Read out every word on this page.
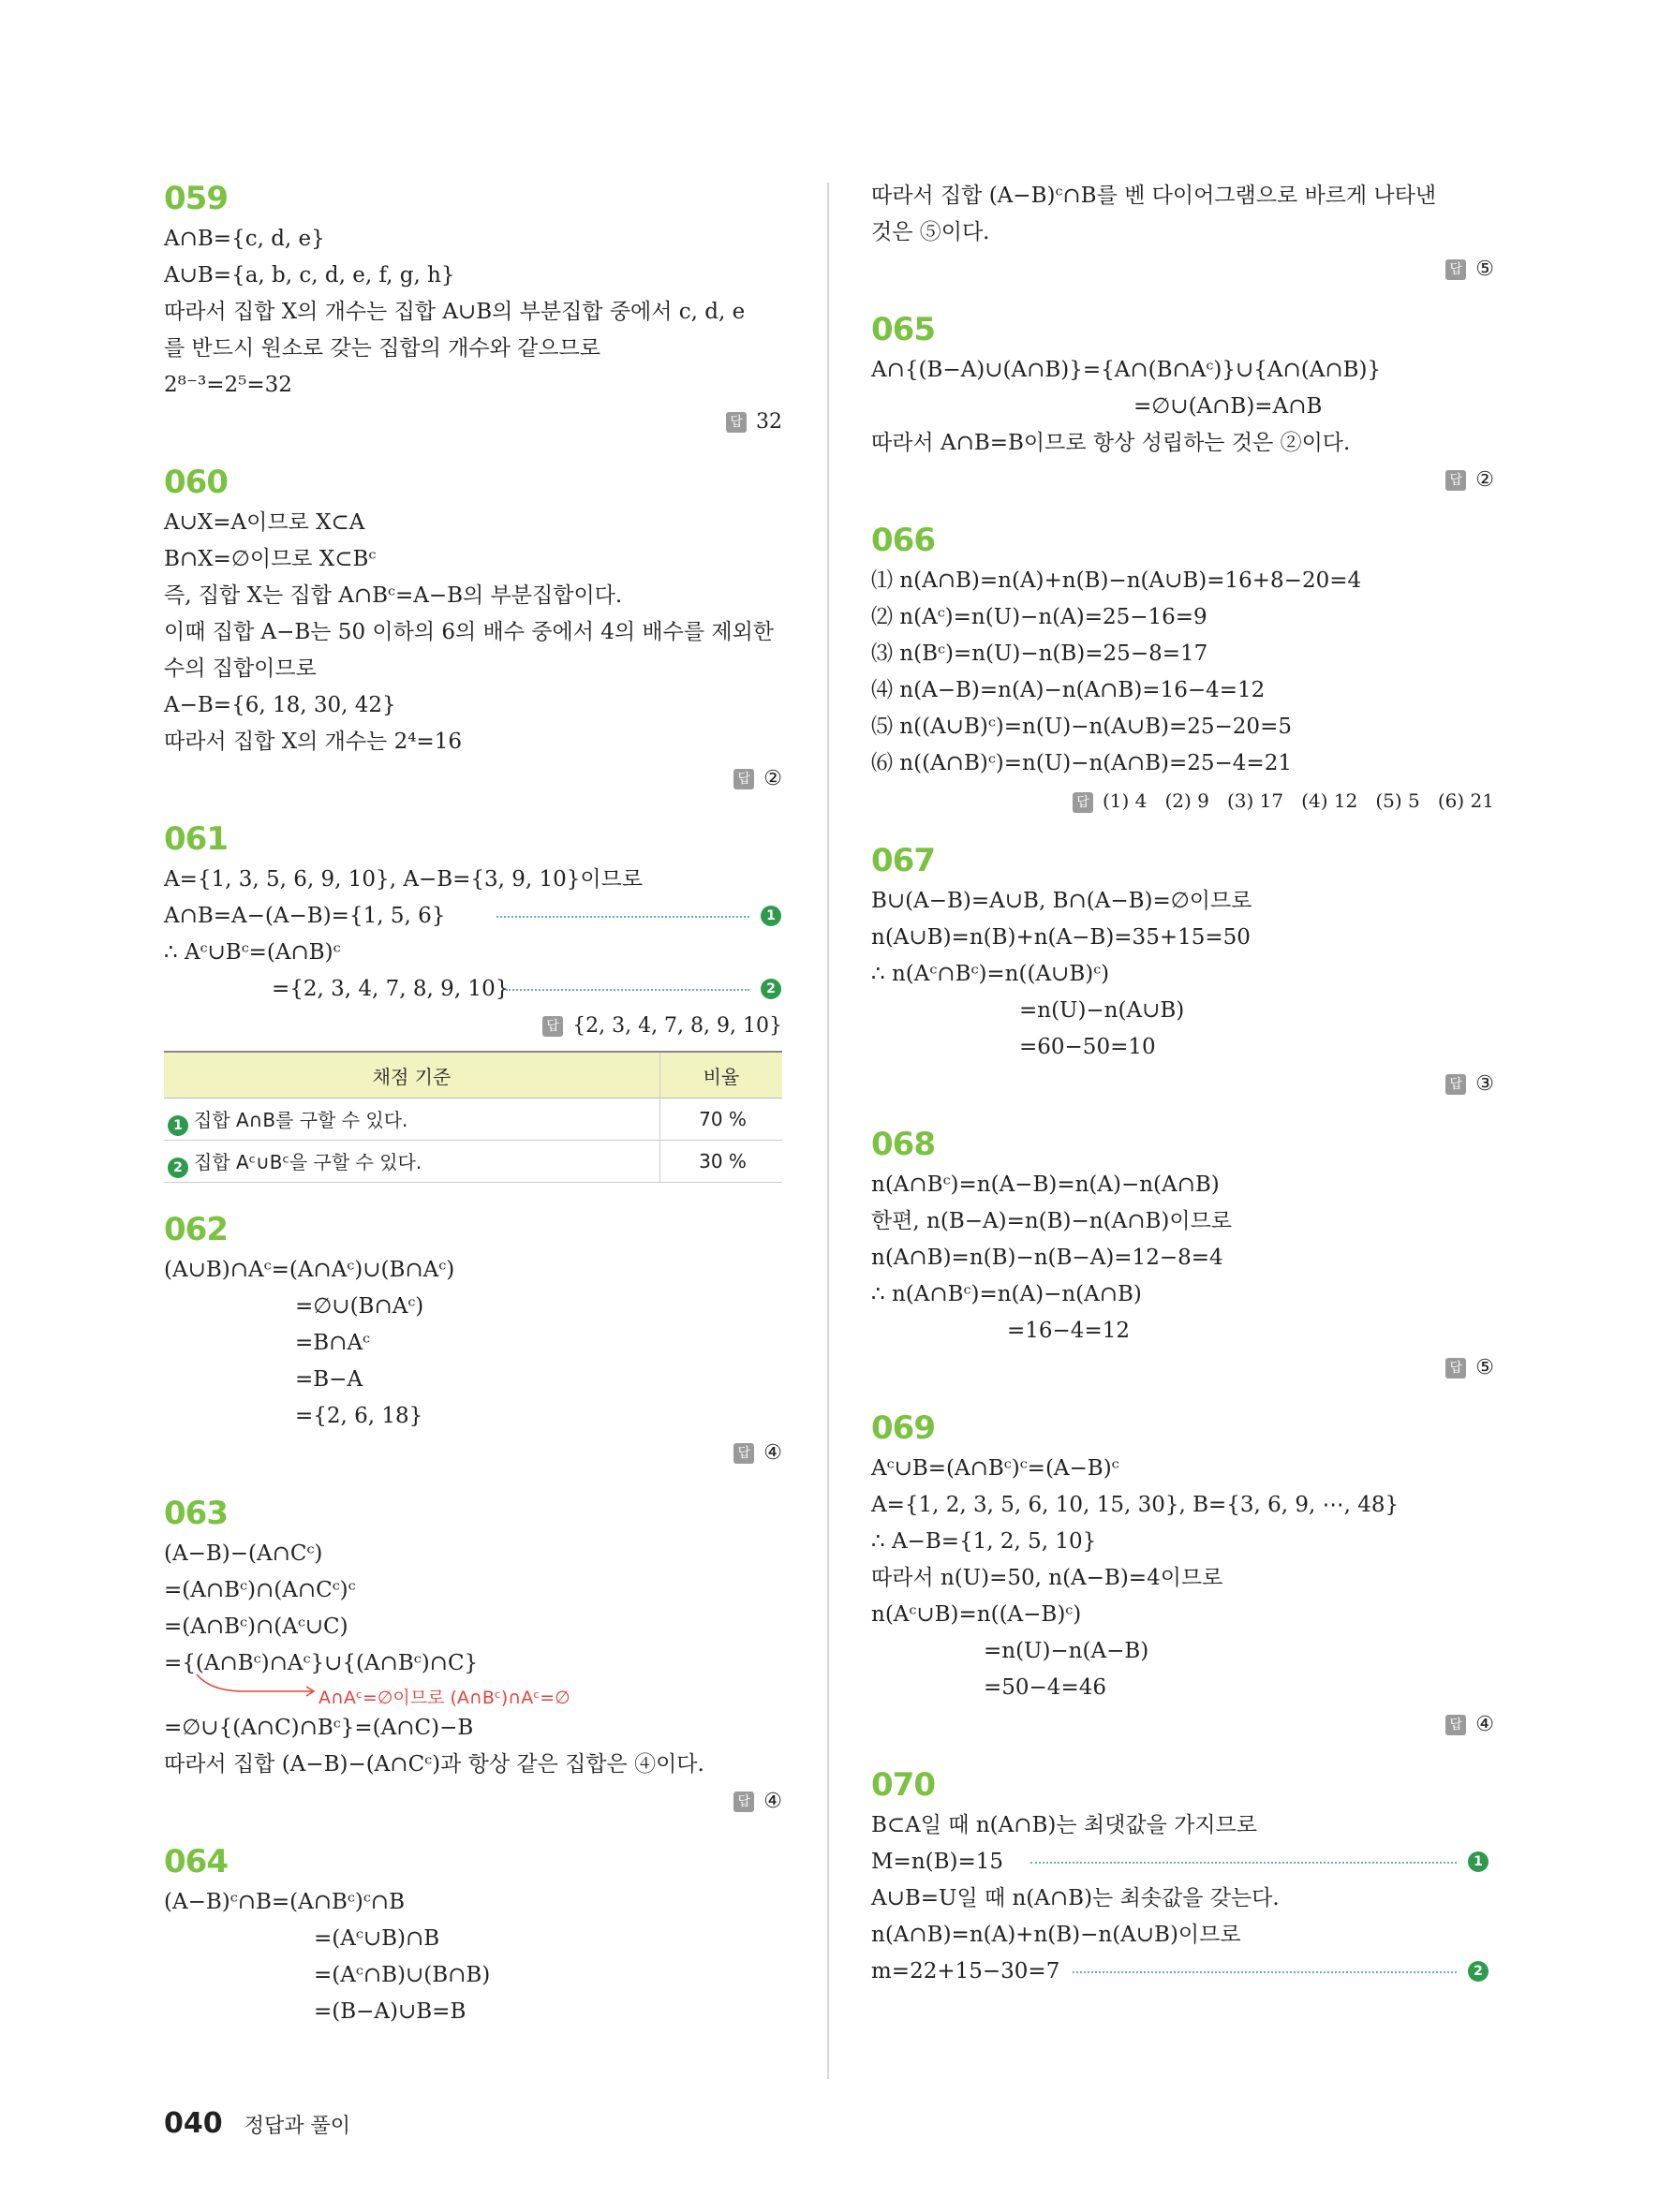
059
A∩B={c, d, e}
A∪B={a, b, c, d, e, f, g, h}
따라서 집합 X의 개수는 집합 A∪B의 부분집합 중에서 c, d, e
를 반드시 원소로 갖는 집합의 개수와 같으므로
2⁸⁻³=2⁵=32
답 32
060
A∪X=A이므로 X⊂A
B∩X=∅이므로 X⊂Bᶜ
즉, 집합 X는 집합 A∩Bᶜ=A−B의 부분집합이다.
이때 집합 A−B는 50 이하의 6의 배수 중에서 4의 배수를 제외한
수의 집합이므로
A−B={6, 18, 30, 42}
따라서 집합 X의 개수는 2⁴=16
답 ②
061
A={1, 3, 5, 6, 9, 10}, A−B={3, 9, 10}이므로
A∩B=A−(A−B)={1, 5, 6}	1
∴ Aᶜ∪Bᶜ=(A∩B)ᶜ
={2, 3, 4, 7, 8, 9, 10}	2
답 {2, 3, 4, 7, 8, 9, 10}
채점 기준	비율
1 집합 A∩B를 구할 수 있다.	70 %
2 집합 Aᶜ∪Bᶜ을 구할 수 있다.	30 %
062
(A∪B)∩Aᶜ=(A∩Aᶜ)∪(B∩Aᶜ)
=∅∪(B∩Aᶜ)
=B∩Aᶜ
=B−A
={2, 6, 18}
답 ④
063
(A−B)−(A∩Cᶜ)
=(A∩Bᶜ)∩(A∩Cᶜ)ᶜ
=(A∩Bᶜ)∩(Aᶜ∪C)
={(A∩Bᶜ)∩Aᶜ}∪{(A∩Bᶜ)∩C}
A∩Aᶜ=∅이므로 (A∩Bᶜ)∩Aᶜ=∅
=∅∪{(A∩C)∩Bᶜ}=(A∩C)−B
따라서 집합 (A−B)−(A∩Cᶜ)과 항상 같은 집합은 ④이다.
답 ④
064
(A−B)ᶜ∩B=(A∩Bᶜ)ᶜ∩B
=(Aᶜ∪B)∩B
=(Aᶜ∩B)∪(B∩B)
=(B−A)∪B=B
따라서 집합 (A−B)ᶜ∩B를 벤 다이어그램으로 바르게 나타낸
것은 ⑤이다.
답 ⑤
065
A∩{(B−A)∪(A∩B)}={A∩(B∩Aᶜ)}∪{A∩(A∩B)}
=∅∪(A∩B)=A∩B
따라서 A∩B=B이므로 항상 성립하는 것은 ②이다.
답 ②
066
⑴ n(A∩B)=n(A)+n(B)−n(A∪B)=16+8−20=4
⑵ n(Aᶜ)=n(U)−n(A)=25−16=9
⑶ n(Bᶜ)=n(U)−n(B)=25−8=17
⑷ n(A−B)=n(A)−n(A∩B)=16−4=12
⑸ n((A∪B)ᶜ)=n(U)−n(A∪B)=25−20=5
⑹ n((A∩B)ᶜ)=n(U)−n(A∩B)=25−4=21
답 (1) 4   (2) 9   (3) 17   (4) 12   (5) 5   (6) 21
067
B∪(A−B)=A∪B, B∩(A−B)=∅이므로
n(A∪B)=n(B)+n(A−B)=35+15=50
∴ n(Aᶜ∩Bᶜ)=n((A∪B)ᶜ)
=n(U)−n(A∪B)
=60−50=10
답 ③
068
n(A∩Bᶜ)=n(A−B)=n(A)−n(A∩B)
한편, n(B−A)=n(B)−n(A∩B)이므로
n(A∩B)=n(B)−n(B−A)=12−8=4
∴ n(A∩Bᶜ)=n(A)−n(A∩B)
=16−4=12
답 ⑤
069
Aᶜ∪B=(A∩Bᶜ)ᶜ=(A−B)ᶜ
A={1, 2, 3, 5, 6, 10, 15, 30}, B={3, 6, 9, ⋯, 48}
∴ A−B={1, 2, 5, 10}
따라서 n(U)=50, n(A−B)=4이므로
n(Aᶜ∪B)=n((A−B)ᶜ)
=n(U)−n(A−B)
=50−4=46
답 ④
070
B⊂A일 때 n(A∩B)는 최댓값을 가지므로
M=n(B)=15	1
A∪B=U일 때 n(A∩B)는 최솟값을 갖는다.
n(A∩B)=n(A)+n(B)−n(A∪B)이므로
m=22+15−30=7	2
040 정답과 풀이
